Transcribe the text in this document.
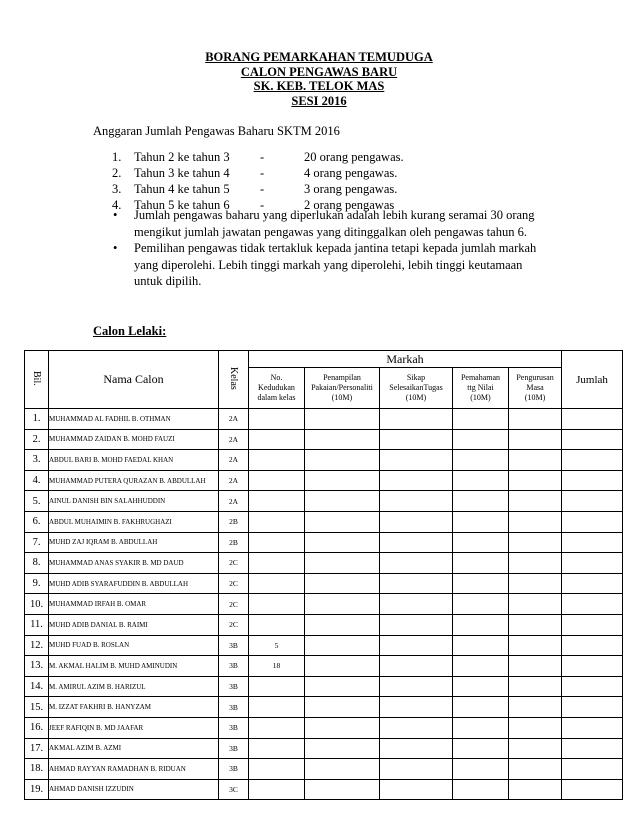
BORANG PEMARKAHAN TEMUDUGA
CALON PENGAWAS BARU
SK. KEB. TELOK MAS
SESI 2016
Anggaran Jumlah Pengawas Baharu SKTM 2016
1. Tahun 2 ke tahun 3 -	20 orang pengawas.
2. Tahun 3 ke tahun 4 -	4 orang pengawas.
3. Tahun 4 ke tahun 5 -	3 orang pengawas.
4. Tahun 5 ke tahun 6 -	2 orang pengawas
• Jumlah pengawas baharu yang diperlukan adalah lebih kurang seramai 30 orang mengikut jumlah jawatan pengawas yang ditinggalkan oleh pengawas tahun 6.
• Pemilihan pengawas tidak tertakluk kepada jantina tetapi kepada jumlah markah yang diperolehi. Lebih tinggi markah yang diperolehi, lebih tinggi keutamaan untuk dipilih.
Calon Lelaki:
Bil.	Nama Calon	Kelas	Markah					Jumlah
			No.
Kedudukan
dalam kelas	Penampilan
Pakaian/Personaliti
(10M)	Sikap
SelesaikanTugas
(10M)	Pemahaman
ttg Nilai
(10M)	Pengurusan
Masa
(10M)	
1.	MUHAMMAD AL FADHIL B. OTHMAN	2A						
2.	MUHAMMAD ZAIDAN B. MOHD FAUZI	2A						
3.	ABDUL BARI B. MOHD FAEDAL KHAN	2A						
4.	MUHAMMAD PUTERA QURAZAN B. ABDULLAH	2A						
5.	AINUL DANISH BIN SALAHHUDDIN	2A						
6.	ABDUL MUHAIMIN B. FAKHRUGHAZI	2B						
7.	MUHD ZAJ IQRAM B. ABDULLAH	2B						
8.	MUHAMMAD ANAS SYAKIR B. MD DAUD	2C						
9.	MUHD ADIB SYARAFUDDIN B. ABDULLAH	2C						
10.	MUHAMMAD IRFAH B. OMAR	2C						
11.	MUHD ADIB DANIAL B. RAIMI	2C						
12.	MUHD FUAD B. ROSLAN	3B	5					
13.	M. AKMAL HALIM B. MUHD AMINUDIN	3B	18					
14.	M. AMIRUL AZIM B. HARIZUL	3B						
15.	M. IZZAT FAKHRI B. HANYZAM	3B						
16.	JEEF RAFIQIN B. MD JAAFAR	3B						
17.	AKMAL AZIM B. AZMI	3B						
18.	AHMAD RAYYAN RAMADHAN B. RIDUAN	3B						
19.	AHMAD DANISH IZZUDIN	3C						
